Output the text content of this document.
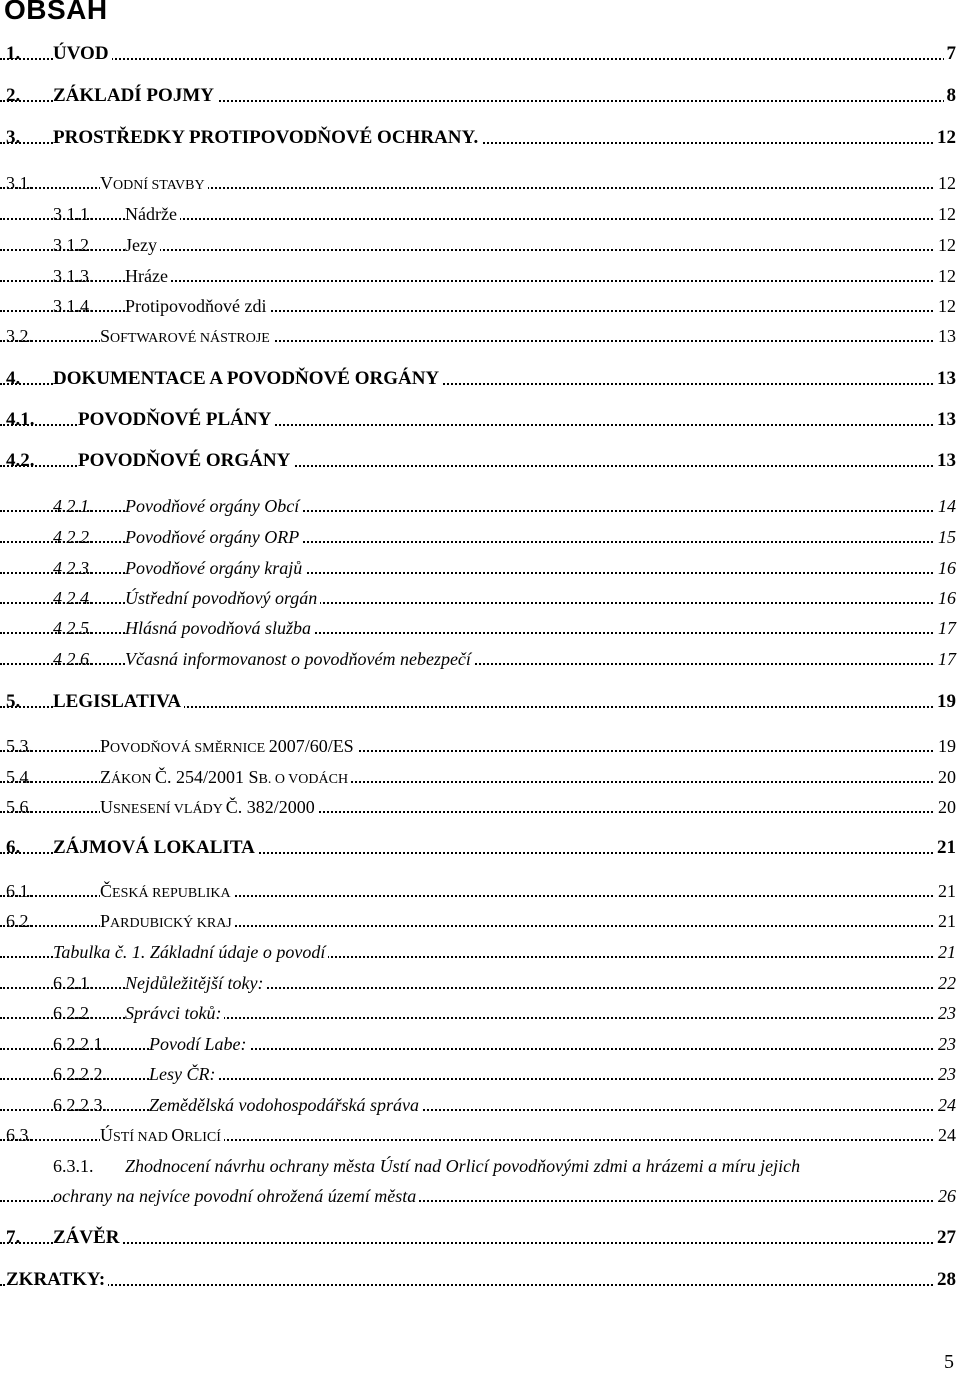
OBSAH
1. ÚVOD	7
2. ZÁKLADÍ POJMY	8
3. PROSTŘEDKY PROTIPOVODŇOVÉ OCHRANY.	12
3.1.	VODNÍ STAVBY	12
3.1.1. Nádrže	12
3.1.2. Jezy	12
3.1.3. Hráze	12
3.1.4. Protipovodňové zdi	12
3.2.	SOFTWAROVÉ NÁSTROJE	13
4. DOKUMENTACE A POVODŇOVÉ ORGÁNY	13
4.1. POVODŇOVÉ PLÁNY	13
4.2. POVODŇOVÉ ORGÁNY	13
4.2.1. Povodňové orgány Obcí	14
4.2.2. Povodňové orgány ORP	15
4.2.3. Povodňové orgány krajů	16
4.2.4. Ústřední povodňový orgán	16
4.2.5. Hlásná povodňová služba	17
4.2.6. Včasná informovanost o povodňovém nebezpečí	17
5. LEGISLATIVA	19
5.3.	POVODŇOVÁ SMĚRNICE 2007/60/ES	19
5.4.	ZÁKON Č. 254/2001 SB. O VODÁCH	20
5.6.	USNESENÍ VLÁDY Č. 382/2000	20
6. ZÁJMOVÁ LOKALITA	21
6.1.	ČESKÁ REPUBLIKA	21
6.2.	PARDUBICKÝ KRAJ	21
Tabulka č. 1. Základní údaje o povodí	21
6.2.1. Nejdůležitější toky:	22
6.2.2. Správci toků:	23
6.2.2.1. Povodí Labe:	23
6.2.2.2. Lesy ČR:	23
6.2.2.3. Zemědělská vodohospodářská správa	24
6.3.	ÚSTÍ NAD ORLICÍ	24
6.3.1. Zhodnocení návrhu ochrany města Ústí nad Orlicí povodňovými zdmi a hrázemi a míru jejich
ochrany na nejvíce povodní ohrožená území města	26
7. ZÁVĚR	27
ZKRATKY:	28
5
